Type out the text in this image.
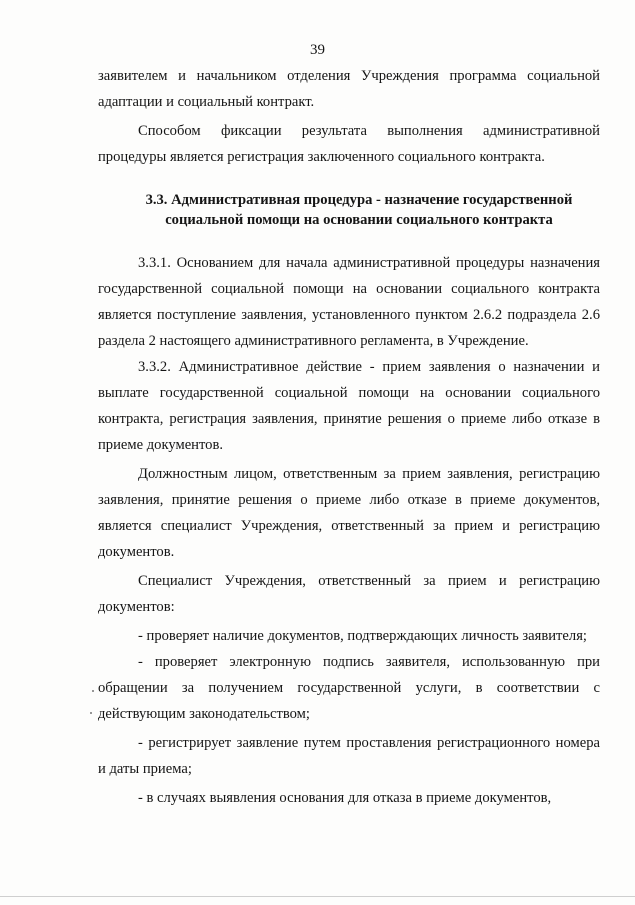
39

заявителем и начальником отделения Учреждения программа социальной адаптации и социальный контракт.

Способом фиксации результата выполнения административной процедуры является регистрация заключенного социального контракта.

3.3. Административная процедура - назначение государственной социальной помощи на основании социального контракта

3.3.1. Основанием для начала административной процедуры назначения государственной социальной помощи на основании социального контракта является поступление заявления, установленного пунктом 2.6.2 подраздела 2.6 раздела 2 настоящего административного регламента, в Учреждение.

3.3.2. Административное действие - прием заявления о назначении и выплате государственной социальной помощи на основании социального контракта, регистрация заявления, принятие решения о приеме либо отказе в приеме документов.

Должностным лицом, ответственным за прием заявления, регистрацию заявления, принятие решения о приеме либо отказе в приеме документов, является специалист Учреждения, ответственный за прием и регистрацию документов.

Специалист Учреждения, ответственный за прием и регистрацию документов:

- проверяет наличие документов, подтверждающих личность заявителя;

- проверяет электронную подпись заявителя, использованную при обращении за получением государственной услуги, в соответствии с действующим законодательством;

- регистрирует заявление путем проставления регистрационного номера и даты приема;

- в случаях выявления основания для отказа в приеме документов,
